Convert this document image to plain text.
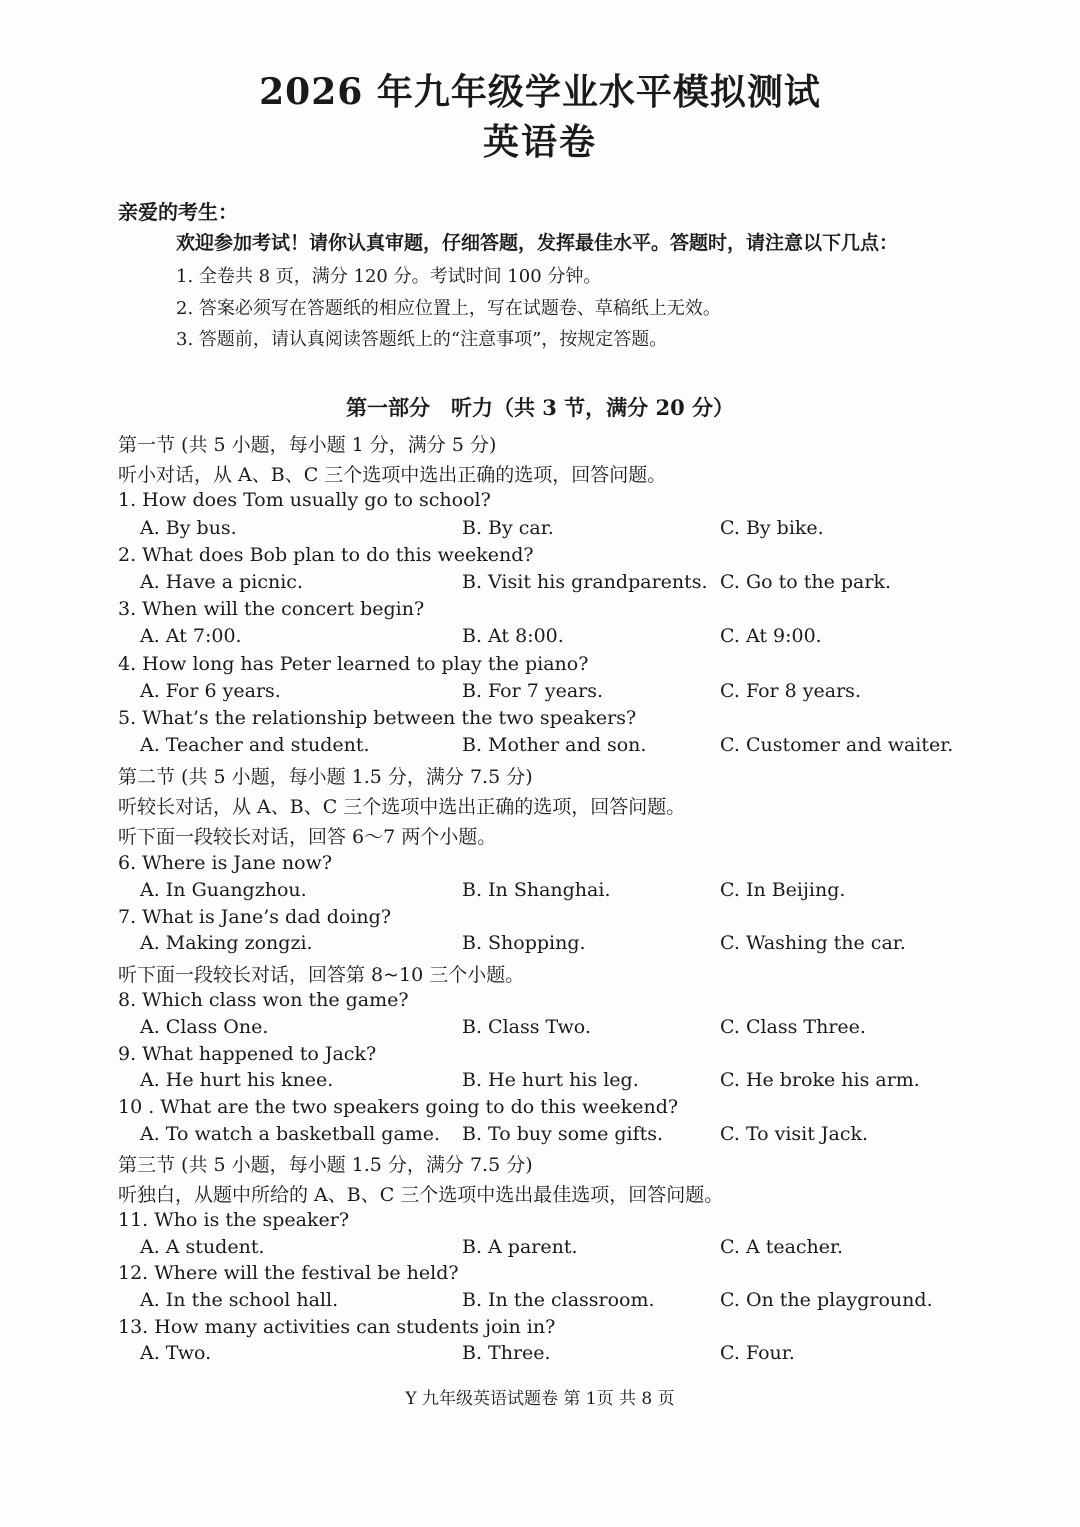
2026 年九年级学业水平模拟测试
英语卷
亲爱的考生：
欢迎参加考试！请你认真审题，仔细答题，发挥最佳水平。答题时，请注意以下几点：
1. 全卷共 8 页，满分 120 分。考试时间 100 分钟。
2. 答案必须写在答题纸的相应位置上，写在试题卷、草稿纸上无效。
3. 答题前，请认真阅读答题纸上的“注意事项”，按规定答题。
第一部分　听力（共 3 节，满分 20 分）
第一节 (共 5 小题，每小题 1 分，满分 5 分)
听小对话，从 A、B、C 三个选项中选出正确的选项，回答问题。
1. How does Tom usually go to school?
A. By bus.	B. By car.	C. By bike.
2. What does Bob plan to do this weekend?
A. Have a picnic.	B. Visit his grandparents. C. Go to the park.
3. When will the concert begin?
A. At 7:00.	B. At 8:00.	C. At 9:00.
4. How long has Peter learned to play the piano?
A. For 6 years.	B. For 7 years.	C. For 8 years.
5. What’s the relationship between the two speakers?
A. Teacher and student.	B. Mother and son.	C. Customer and waiter.
第二节 (共 5 小题，每小题 1.5 分，满分 7.5 分)
听较长对话，从 A、B、C 三个选项中选出正确的选项，回答问题。
听下面一段较长对话，回答 6～7 两个小题。
6. Where is Jane now?
A. In Guangzhou.	B. In Shanghai.	C. In Beijing.
7. What is Jane’s dad doing?
A. Making zongzi.	B. Shopping.	C. Washing the car.
听下面一段较长对话，回答第 8~10 三个小题。
8. Which class won the game?
A. Class One.	B. Class Two.	C. Class Three.
9. What happened to Jack?
A. He hurt his knee.	B. He hurt his leg.	C. He broke his arm.
10 . What are the two speakers going to do this weekend?
A. To watch a basketball game. B. To buy some gifts.	C. To visit Jack.
第三节 (共 5 小题，每小题 1.5 分，满分 7.5 分)
听独白，从题中所给的 A、B、C 三个选项中选出最佳选项，回答问题。
11. Who is the speaker?
A. A student.	B. A parent.	C. A teacher.
12. Where will the festival be held?
A. In the school hall.	B. In the classroom.	C. On the playground.
13. How many activities can students join in?
A. Two.	B. Three.	C. Four.
Y 九年级英语试题卷 第 1页 共 8 页
